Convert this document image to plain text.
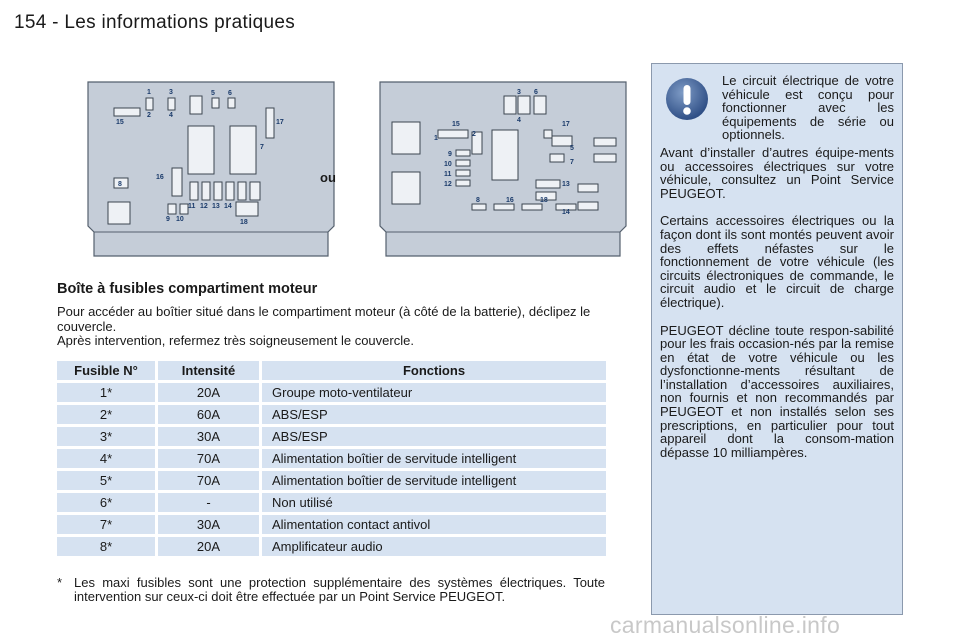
154 - Les informations pratiques
1
2
3
4
5 6
7
8
9 10
11 12 13 14
15
16
17
18
ou
1
2
3
4
5
6
7
8
9
10
11
12	13
14
15
16
17
18
Boîte à fusibles compartiment moteur
Pour accéder au boîtier situé dans le compartiment moteur (à côté de la batterie), déclipez le couvercle.
Après intervention, refermez très soigneusement le couvercle.
Fusible N°	Intensité	Fonctions
1*	20A	Groupe moto-ventilateur
2*	60A	ABS/ESP
3*	30A	ABS/ESP
4*	70A	Alimentation boîtier de servitude intelligent
5*	70A	Alimentation boîtier de servitude intelligent
6*	-	Non utilisé
7*	30A	Alimentation contact antivol
8*	20A	Amplificateur audio
* Les maxi fusibles sont une protection supplémentaire des systèmes électriques. Toute intervention sur ceux-ci doit être effectuée par un Point Service PEUGEOT.

Le circuit électrique de votre véhicule est conçu pour fonctionner avec les équipements de série ou optionnels.

Avant d’installer d’autres équipe-ments ou accessoires électriques sur votre véhicule, consultez un Point Service PEUGEOT.

Certains accessoires électriques ou la façon dont ils sont montés peuvent avoir des effets néfastes sur le fonctionnement de votre véhicule (les circuits électroniques de commande, le circuit audio et le circuit de charge électrique).

PEUGEOT décline toute respon-sabilité pour les frais occasion-nés par la remise en état de votre véhicule ou les dysfonctionne-ments résultant de l’installation d’accessoires auxiliaires, non fournis et non recommandés par PEUGEOT et non installés selon ses prescriptions, en particulier pour tout appareil dont la consom-mation dépasse 10 milliampères.

carmanualsonline.info
